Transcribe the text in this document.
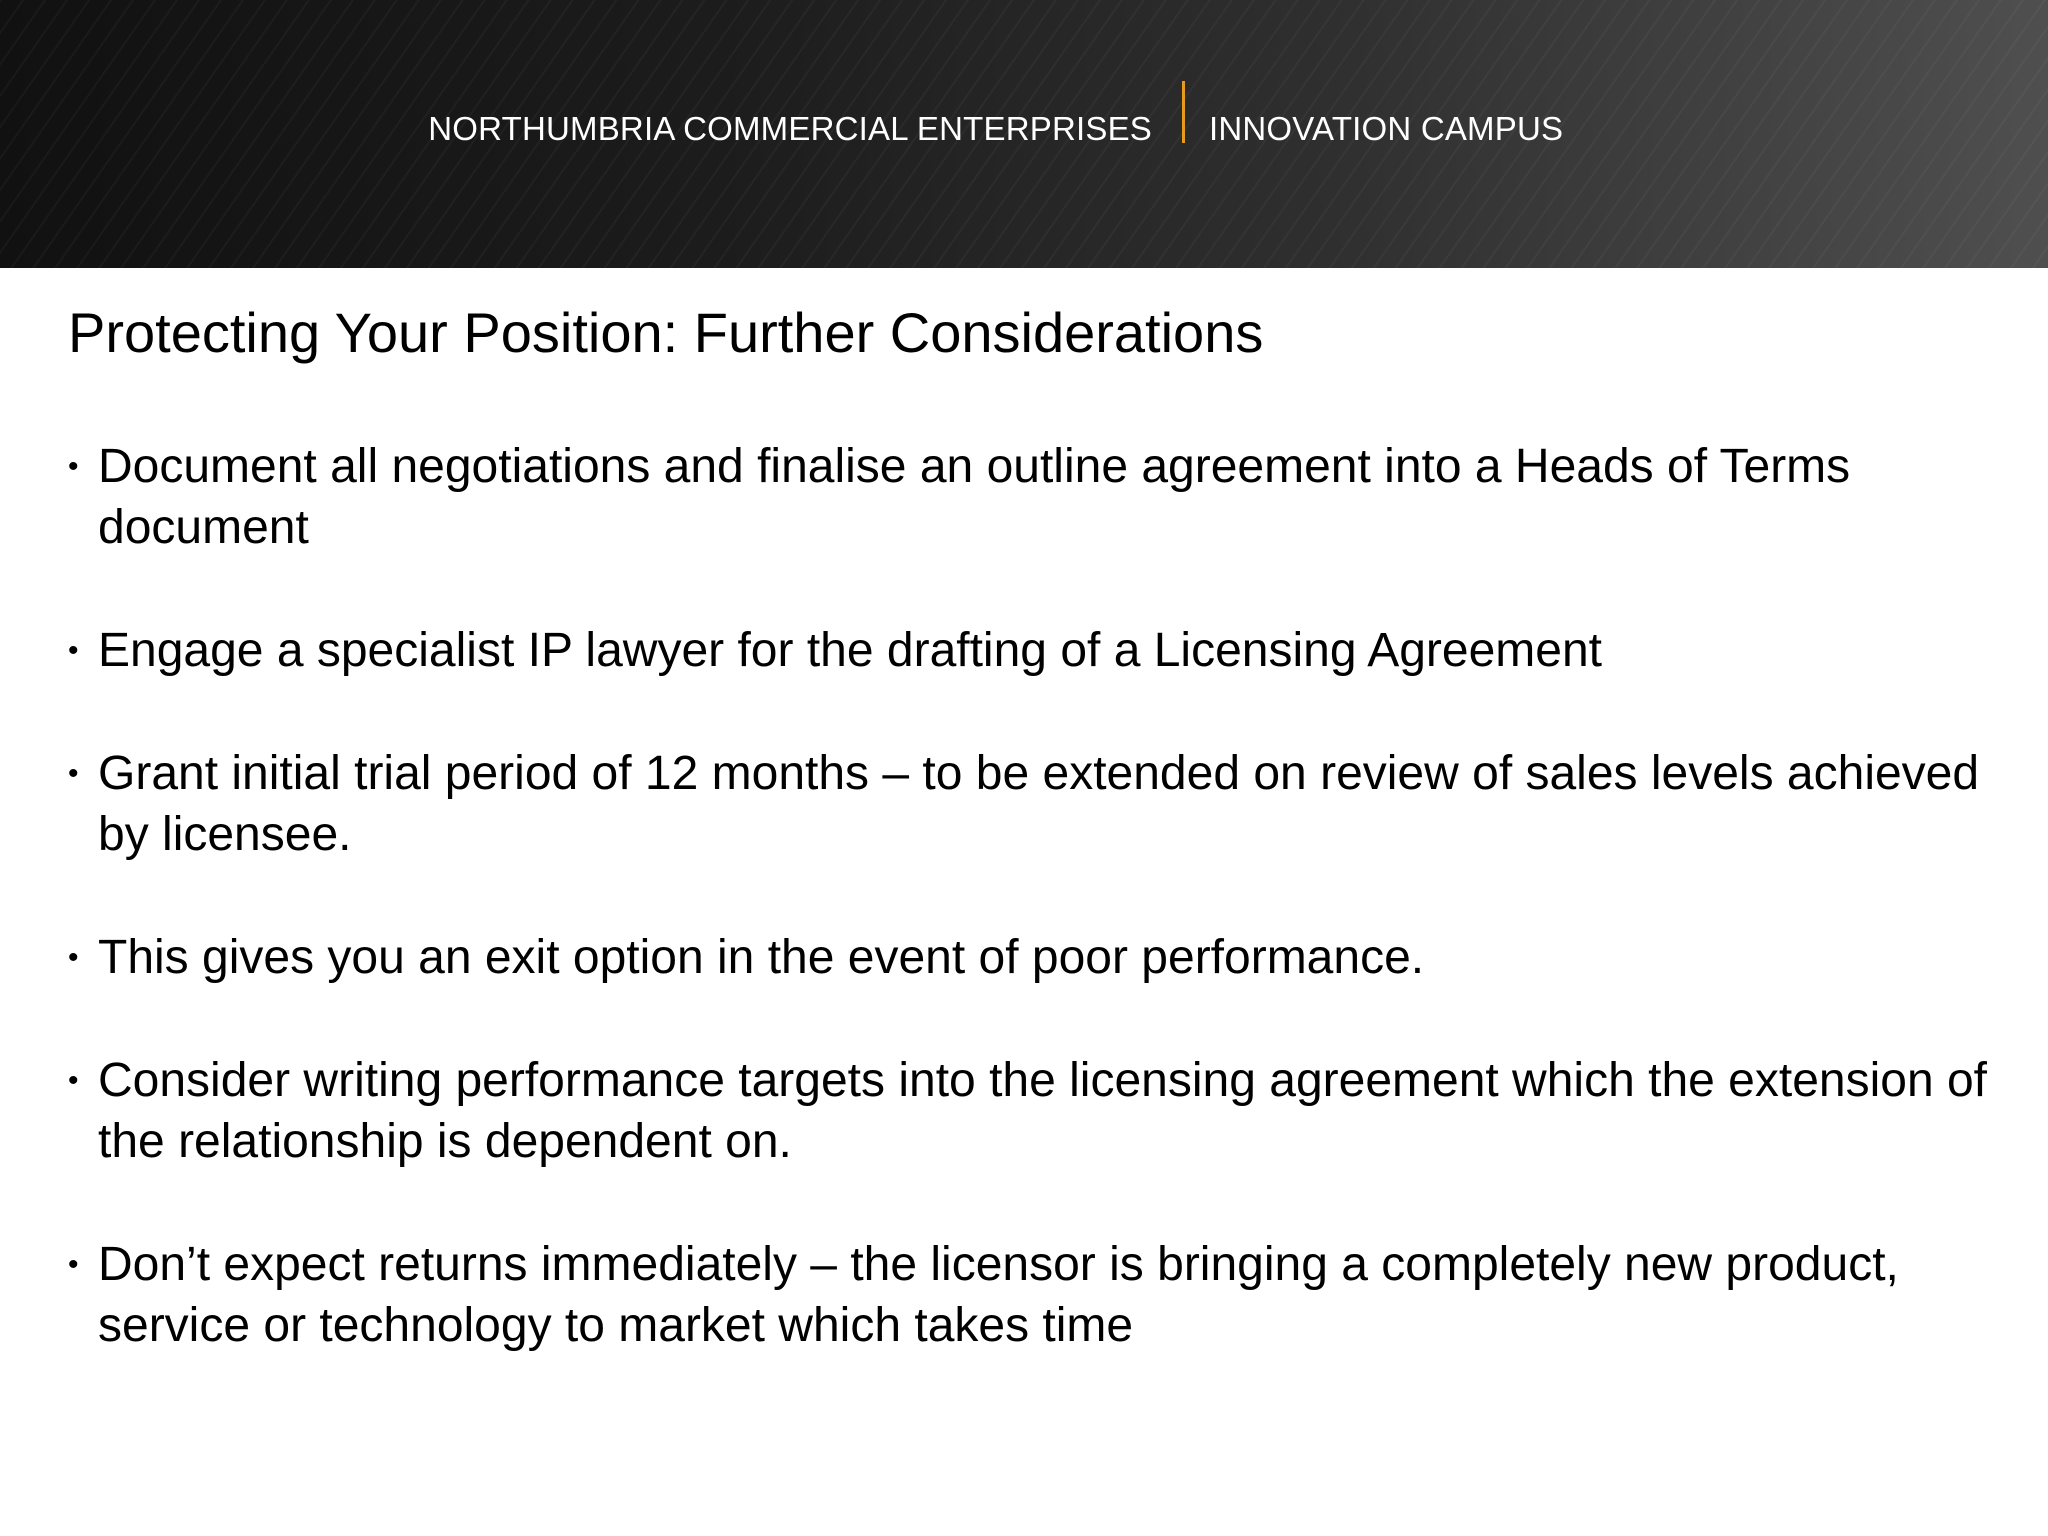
NORTHUMBRIA COMMERCIAL ENTERPRISES INNOVATION CAMPUS
Protecting Your Position: Further Considerations
• Document all negotiations and finalise an outline agreement into a Heads of Terms document
• Engage a specialist IP lawyer for the drafting of a Licensing Agreement
• Grant initial trial period of 12 months – to be extended on review of sales levels achieved by licensee.
• This gives you an exit option in the event of poor performance.
• Consider writing performance targets into the licensing agreement which the extension of the relationship is dependent on.
• Don’t expect returns immediately – the licensor is bringing a completely new product, service or technology to market which takes time
